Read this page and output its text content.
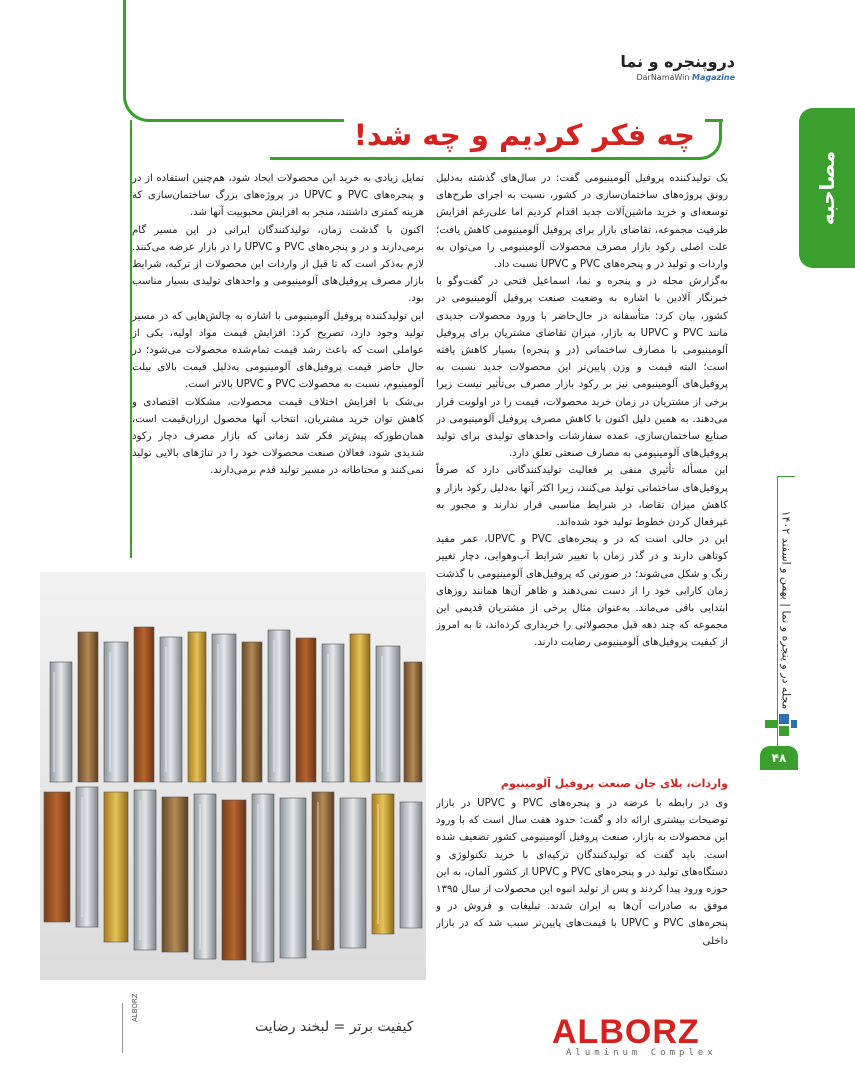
دروپنجره و نما
DarNamaWin Magazine
مصاحبه
چه فکر کردیم و چه شد!

یک تولیدکننده پروفیل آلومینیومی گفت: در سال‌های گذشته به‌دلیل رونق پروژه‌های ساختمان‌سازی در کشور، نسبت به اجرای طرح‌های توسعه‌ای و خرید ماشین‌آلات جدید اقدام کردیم اما علی‌رغم افزایش ظرفیت مجموعه، تقاضای بازار برای پروفیل آلومینیومی کاهش یافت؛ علت اصلی رکود بازار مصرف محصولات آلومینیومی را می‌توان به واردات و تولید در و پنجره‌های PVC و UPVC نسبت داد.

به‌گزارش مجله در و پنجره و نما، اسماعیل فتحی در گفت‌وگو با خبرنگار آلادین با اشاره به وضعیت صنعت پروفیل آلومینیومی در کشور، بیان کرد: متأسفانه در حال‌حاضر با ورود محصولات جدیدی مانند PVC و UPVC به بازار، میزان تقاضای مشتریان برای پروفیل آلومینیومی با مصارف ساختمانی (در و پنجره) بسیار کاهش یافته است؛ البته قیمت و وزن پایین‌تر این محصولات جدید نسبت به پروفیل‌های آلومینیومی نیز بر رکود بازار مصرف بی‌تأثیر نیست زیرا برخی از مشتریان در زمان خرید محصولات، قیمت را در اولویت قرار می‌دهند. به همین دلیل اکنون با کاهش مصرف پروفیل آلومینیومی در صنایع ساختمان‌سازی، عمده سفارشات واحدهای تولیدی برای تولید پروفیل‌های آلومینیومی به مصارف صنعتی تعلق دارد.

این مسأله تأثیری منفی بر فعالیت تولیدکنندگانی دارد که صرفاً پروفیل‌های ساختمانی تولید می‌کنند، زیرا اکثر آنها به‌دلیل رکود بازار و کاهش میزان تقاضا، در شرایط مناسبی قرار ندارند و مجبور به غیرفعال کردن خطوط تولید خود شده‌اند.

این در حالی است که در و پنجره‌های PVC و UPVC، عمر مفید کوتاهی دارند و در گذر زمان با تغییر شرایط آب‌وهوایی، دچار تغییر رنگ و شکل می‌شوند؛ در صورتی که پروفیل‌های آلومینیومی با گذشت زمان کارایی خود را از دست نمی‌دهند و ظاهر آن‌ها همانند روزهای ابتدایی باقی می‌ماند. به‌عنوان مثال برخی از مشتریان قدیمی این مجموعه که چند دهه قبل محصولاتی را خریداری کرده‌اند، تا به امروز از کیفیت پروفیل‌های آلومینیومی رضایت دارند.

تمایل زیادی به خرید این محصولات ایجاد شود، هم‌چنین استفاده از در و پنجره‌های PVC و UPVC در پروژه‌های بزرگ ساختمان‌سازی که هزینه کمتری داشتند، منجر به افزایش محبوبیت آنها شد.

اکنون با گذشت زمان، تولیدکنندگان ایرانی در این مسیر گام برمی‌دارند و در و پنجره‌های PVC و UPVC را در بازار عرضه می‌کنند. لازم به‌ذکر است که تا قبل از واردات این محصولات از ترکیه، شرایط بازار مصرف پروفیل‌های آلومینیومی و واحدهای تولیدی بسیار مناسب بود.

این تولیدکننده پروفیل آلومینیومی با اشاره به چالش‌هایی که در مسیر تولید وجود دارد، تصریح کرد: افزایش قیمت مواد اولیه، یکی از عواملی است که باعث رشد قیمت تمام‌شده محصولات می‌شود؛ در حال حاضر قیمت پروفیل‌های آلومینیومی به‌دلیل قیمت بالای بیلت آلومینیوم، نسبت به محصولات PVC و UPVC بالاتر است.

بی‌شک با افزایش اختلاف قیمت محصولات، مشکلات اقتصادی و کاهش توان خرید مشتریان، انتخاب آنها محصول ارزان‌قیمت است، همان‌طورکه پیش‌تر فکر شد زمانی که بازار مصرف دچار رکود شدیدی شود، فعالان صنعت محصولات خود را در تناژهای بالایی تولید نمی‌کنند و محتاطانه در مسیر تولید قدم برمی‌دارند.

واردات، بلای جان صنعت پروفیل آلومینیوم

وی در رابطه با عرضه در و پنجره‌های PVC و UPVC در بازار توضیحات بیشتری ارائه داد و گفت: حدود هفت سال است که با ورود این محصولات به بازار، صنعت پروفیل آلومینیومی کشور تضعیف شده است. باید گفت که تولیدکنندگان ترکیه‌ای با خرید تکنولوژی و دستگاه‌های تولید در و پنجره‌های PVC و UPVC از کشور آلمان، به این حوزه ورود پیدا کردند و پس از تولید انبوه این محصولات از سال ۱۳۹۵ موفق به صادرات آن‌ها به ایران شدند. تبلیغات و فروش در و پنجره‌های PVC و UPVC با قیمت‌های پایین‌تر سبب شد که در بازار داخلی

مجله در و پنجره و نما | بهمن و اسفند ۱۴۰۲
۴۸
ALBORZ
کیفیت برتر = لبخند رضایت	ALBORZ
Aluminum Complex
